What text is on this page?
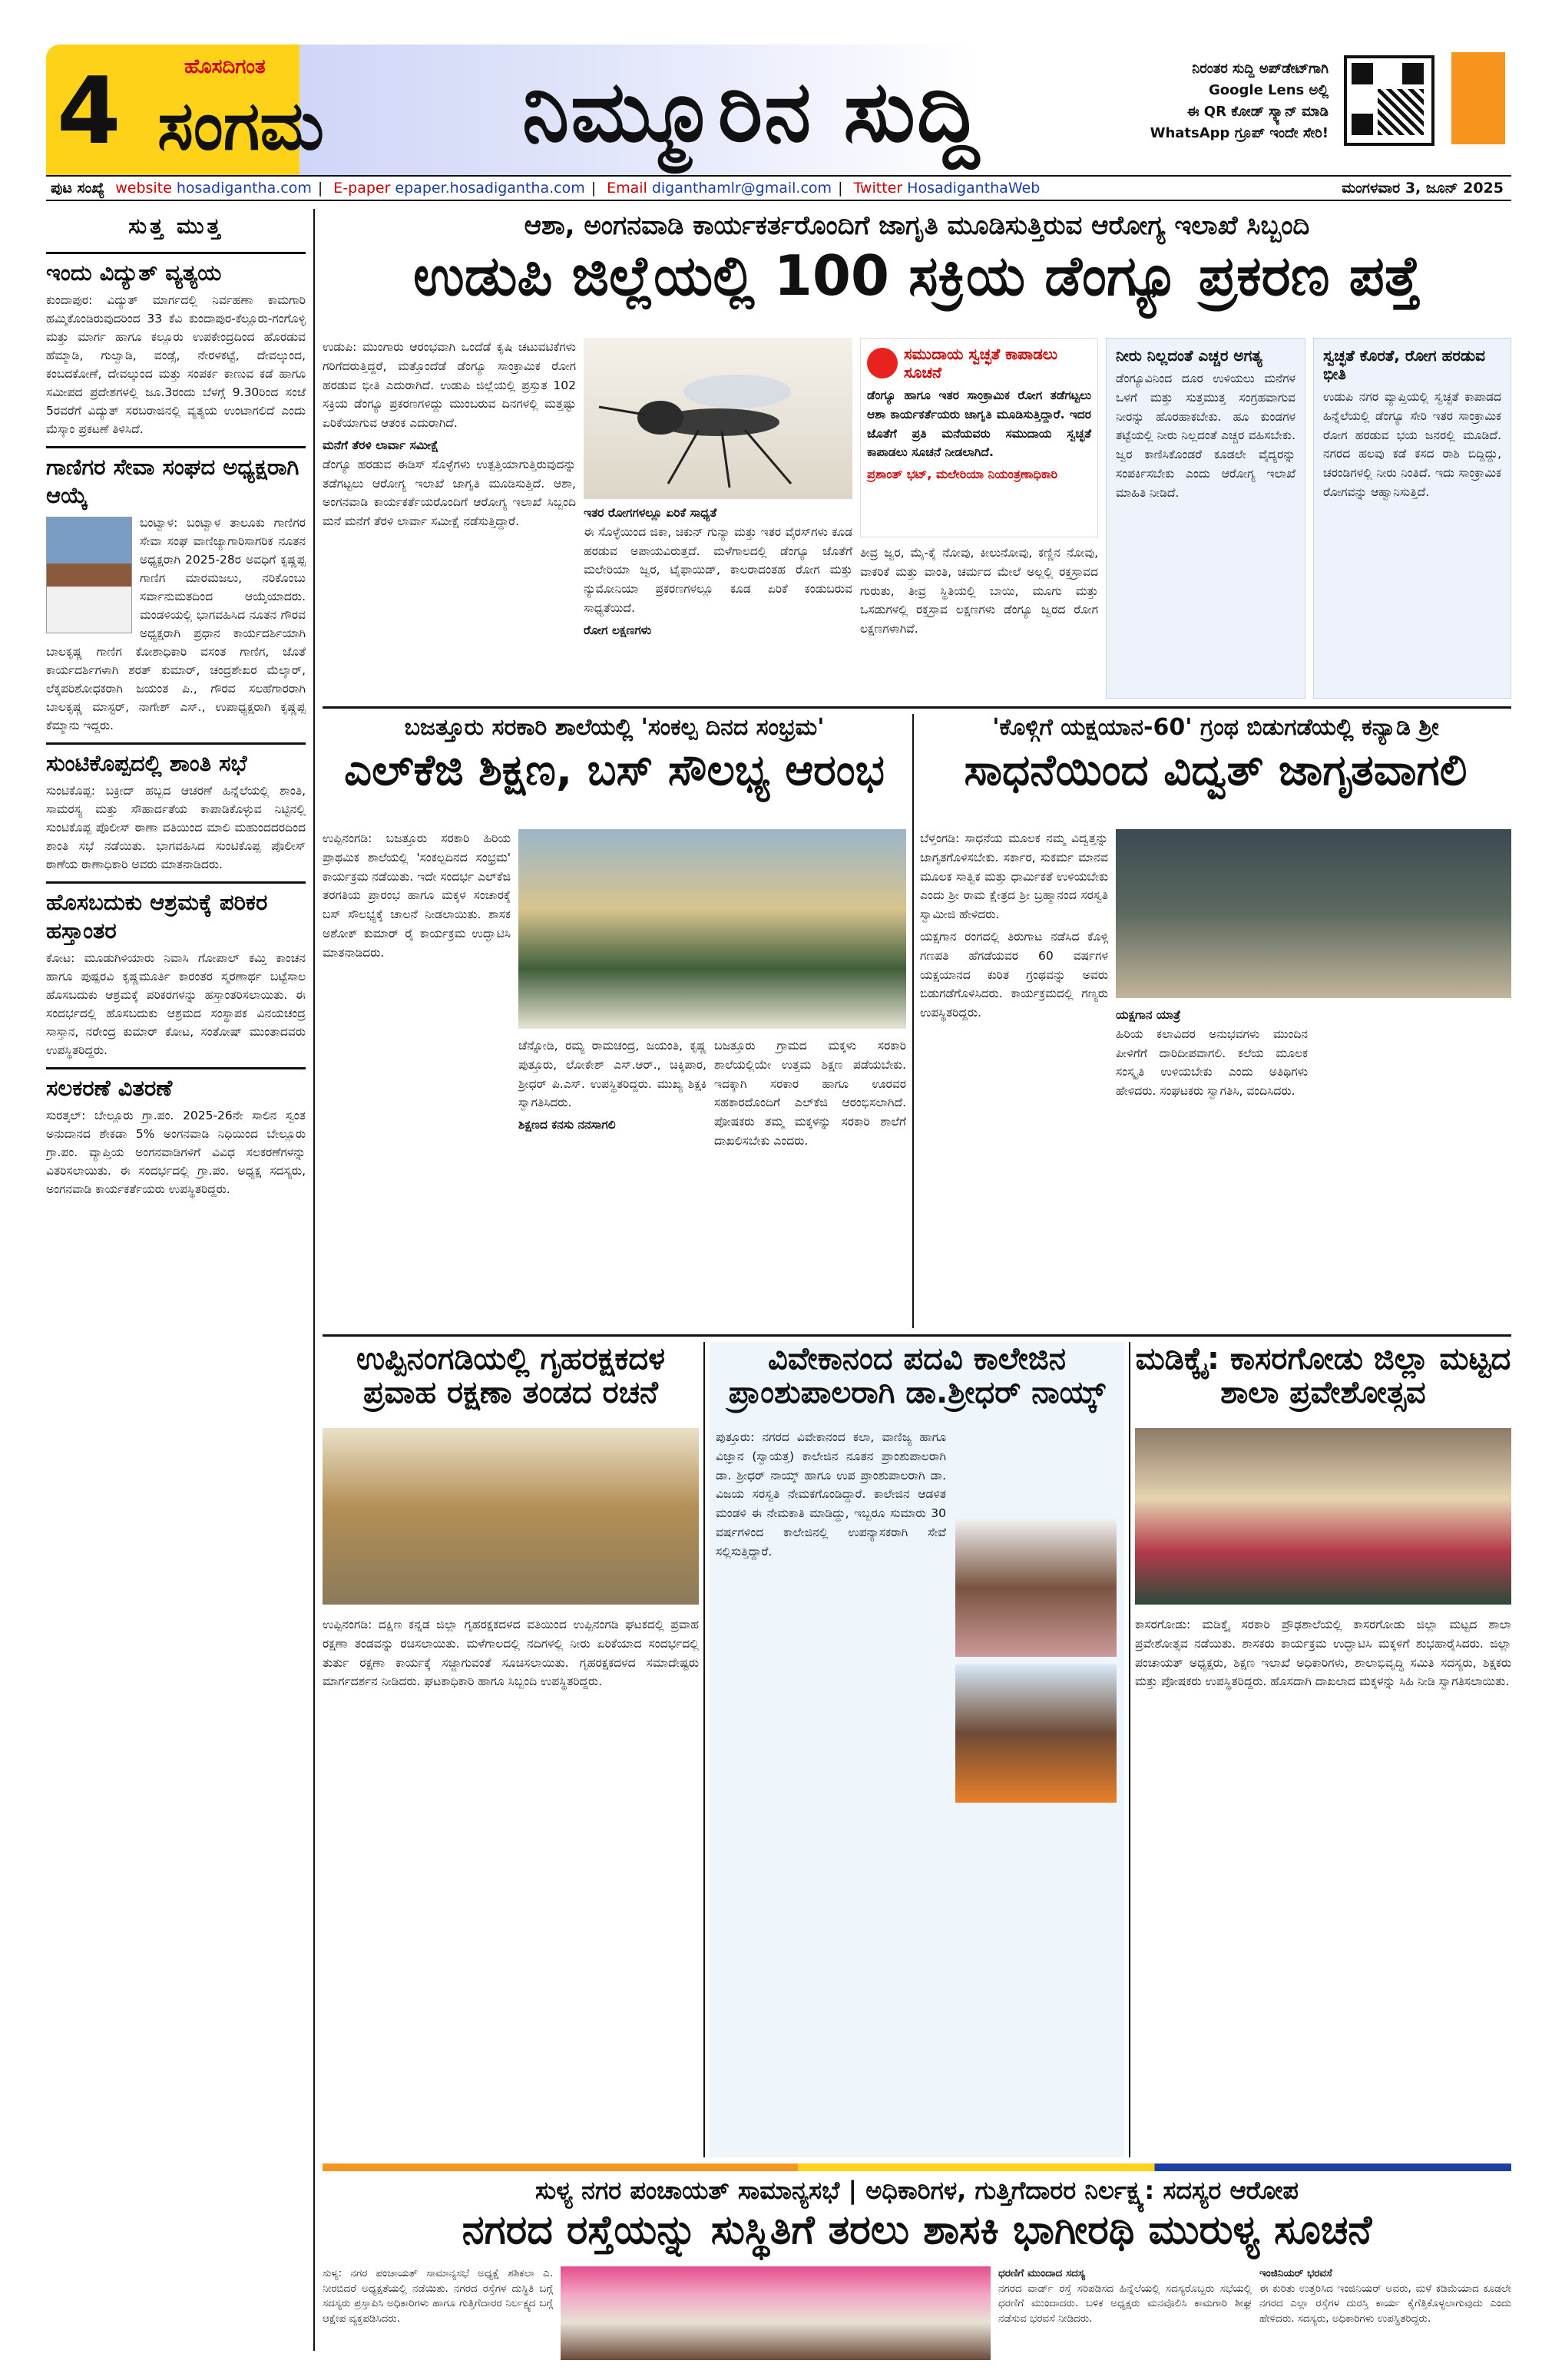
4	ಹೊಸದಿಗಂತ
ಸಂಗಮ ನಿಮ್ಮೂರಿನ ಸುದ್ದಿ	ನಿರಂತರ ಸುದ್ದಿ ಅಪ್‌ಡೇಟ್‌ಗಾಗಿ
Google Lens ಅಲ್ಲಿ
ಈ QR ಕೋಡ್ ಸ್ಕ್ಯಾನ್ ಮಾಡಿ
WhatsApp ಗ್ರೂಪ್ ಇಂದೇ ಸೇರಿ!
ಪುಟ ಸಂಖ್ಯೆ website hosadigantha.com | E-paper epaper.hosadigantha.com | Email diganthamlr@gmail.com | Twitter HosadiganthaWeb	ಮಂಗಳವಾರ 3, ಜೂನ್ 2025
ಸುತ್ತ ಮುತ್ತ
ಇಂದು ವಿದ್ಯುತ್ ವ್ಯತ್ಯಯ
ಕುಂದಾಪುರ: ವಿದ್ಯುತ್ ಮಾರ್ಗದಲ್ಲಿ ನಿರ್ವಹಣಾ ಕಾಮಗಾರಿ ಹಮ್ಮಿಕೊಂಡಿರುವುದರಿಂದ 33 ಕೆವಿ ಕುಂದಾಪುರ-ಕೆಲ್ಲೂರು-ಗಂಗೊಳ್ಳಿ ಮತ್ತು ಮಾರ್ಗ ಹಾಗೂ ಕಲ್ಲೂರು ಉಪಕೇಂದ್ರದಿಂದ ಹೊರಡುವ ಹೆಮ್ಮಾಡಿ, ಗುಲ್ವಾಡಿ, ವಂಡ್ಸೆ, ನೇರಳಕಟ್ಟೆ, ದೇವಲ್ಕುಂದ, ಕಂಬದಕೋಣೆ, ದೇವಲ್ಕುಂದ ಮತ್ತು ಸಂಪರ್ಕ ಕಾಣುವ ಕಡೆ ಹಾಗೂ ಸಮೀಪದ ಪ್ರದೇಶಗಳಲ್ಲಿ ಜೂ.3ರಂದು ಬೆಳಗ್ಗೆ 9.30ರಿಂದ ಸಂಜೆ 5ರವರೆಗೆ ವಿದ್ಯುತ್ ಸರಬರಾಜಿನಲ್ಲಿ ವ್ಯತ್ಯಯ ಉಂಟಾಗಲಿದೆ ಎಂದು ಮೆಸ್ಕಾಂ ಪ್ರಕಟಣೆ ತಿಳಿಸಿದೆ.
ಗಾಣಿಗರ ಸೇವಾ ಸಂಘದ ಅಧ್ಯಕ್ಷರಾಗಿ ಆಯ್ಕೆ
ಬಂಟ್ವಾಳ: ಬಂಟ್ವಾಳ ತಾಲೂಕು ಗಾಣಿಗರ ಸೇವಾ ಸಂಘ ವಾಣಿಜ್ಯಾಗಾರಿಸಾಗರಿಕ ನೂತನ ಅಧ್ಯಕ್ಷರಾಗಿ 2025-28ರ ಅವಧಿಗೆ ಕೃಷ್ಣಪ್ಪ ಗಾಣಿಗ ಮಾರಮಜಲು, ನರಿಕೊಂಬು ಸರ್ವಾನುಮತದಿಂದ ಆಯ್ಕೆಯಾದರು. ಮಂಡಳಿಯಲ್ಲಿ ಭಾಗವಹಿಸಿದ ನೂತನ ಗೌರವ ಅಧ್ಯಕ್ಷರಾಗಿ ಪ್ರಧಾನ ಕಾರ್ಯದರ್ಶಿಯಾಗಿ ಬಾಲಕೃಷ್ಣ ಗಾಣಿಗ ಕೋಶಾಧಿಕಾರಿ ವಸಂತ ಗಾಣಿಗ, ಜೊತೆ ಕಾರ್ಯದರ್ಶಿಗಳಾಗಿ ಶರತ್ ಕುಮಾರ್, ಚಂದ್ರಶೇಖರ ಮೆಲ್ಕಾರ್, ಲೆಕ್ಕಪರಿಶೋಧಕರಾಗಿ ಜಯಂತ ಪಿ., ಗೌರವ ಸಲಹೆಗಾರರಾಗಿ ಬಾಲಕೃಷ್ಣ ಮಾಸ್ಟರ್, ನಾಗೇಶ್ ಎಸ್., ಉಪಾಧ್ಯಕ್ಷರಾಗಿ ಕೃಷ್ಣಪ್ಪ ಕೆಮ್ಮಾನು ಇದ್ದರು.
ಸುಂಟಿಕೊಪ್ಪದಲ್ಲಿ ಶಾಂತಿ ಸಭೆ
ಸುಂಟಿಕೊಪ್ಪ: ಬಕ್ರೀದ್ ಹಬ್ಬದ ಆಚರಣೆ ಹಿನ್ನೆಲೆಯಲ್ಲಿ ಶಾಂತಿ, ಸಾಮರಸ್ಯ ಮತ್ತು ಸೌಹಾರ್ದತೆಯ ಕಾಪಾಡಿಕೊಳ್ಳುವ ನಿಟ್ಟಿನಲ್ಲಿ ಸುಂಟಿಕೊಪ್ಪ ಪೊಲೀಸ್ ಠಾಣಾ ವತಿಯಿಂದ ಮಾಲಿ ಮಹುಂದದರದಿಂದ ಶಾಂತಿ ಸಭೆ ನಡೆಯಿತು. ಭಾಗವಹಿಸಿದ ಸುಂಟಿಕೊಪ್ಪ ಪೊಲೀಸ್ ಠಾಣೆಯ ಠಾಣಾಧಿಕಾರಿ ಅವರು ಮಾತನಾಡಿದರು.
ಹೊಸಬದುಕು ಆಶ್ರಮಕ್ಕೆ ಪರಿಕರ ಹಸ್ತಾಂತರ
ಕೋಟ: ಮೂಡುಗಿಳಿಯಾರು ನಿವಾಸಿ ಗೋಪಾಲ್ ಕಮ್ತಿ ಕಾಂಚನ ಹಾಗೂ ಪುಷ್ಪರವಿ ಕೃಷ್ಣಮೂರ್ತಿ ಕಾರಂತರ ಸ್ಮರಣಾರ್ಥ ಬಟ್ಟೆಸಾಲ ಹೊಸಬದುಕು ಆಶ್ರಮಕ್ಕೆ ಪರಿಕರಗಳನ್ನು ಹಸ್ತಾಂತರಿಸಲಾಯಿತು. ಈ ಸಂದರ್ಭದಲ್ಲಿ ಹೊಸಬದುಕು ಆಶ್ರಮದ ಸಂಸ್ಥಾಪಕ ವಿನಯಚಂದ್ರ ಸಾಸ್ತಾನ, ನರೇಂದ್ರ ಕುಮಾರ್ ಕೋಟ, ಸಂತೋಷ್ ಮುಂತಾದವರು ಉಪಸ್ಥಿತರಿದ್ದರು.
ಸಲಕರಣೆ ವಿತರಣೆ
ಸುರತ್ಕಲ್: ಬೇಲ್ಲೂರು ಗ್ರಾ.ಪಂ. 2025-26ನೇ ಸಾಲಿನ ಸ್ವಂತ ಅನುದಾನದ ಶೇಕಡಾ 5% ಅಂಗನವಾಡಿ ನಿಧಿಯಿಂದ ಬೇಲ್ಲೂರು ಗ್ರಾ.ಪಂ. ವ್ಯಾಪ್ತಿಯ ಅಂಗನವಾಡಿಗಳಿಗೆ ವಿವಿಧ ಸಲಕರಣೆಗಳನ್ನು ವಿತರಿಸಲಾಯಿತು. ಈ ಸಂದರ್ಭದಲ್ಲಿ ಗ್ರಾ.ಪಂ. ಅಧ್ಯಕ್ಷ ಸದಸ್ಯರು, ಅಂಗನವಾಡಿ ಕಾರ್ಯಕರ್ತೆಯರು ಉಪಸ್ಥಿತರಿದ್ದರು.
ಆಶಾ, ಅಂಗನವಾಡಿ ಕಾರ್ಯಕರ್ತರೊಂದಿಗೆ ಜಾಗೃತಿ ಮೂಡಿಸುತ್ತಿರುವ ಆರೋಗ್ಯ ಇಲಾಖೆ ಸಿಬ್ಬಂದಿ
ಉಡುಪಿ ಜಿಲ್ಲೆಯಲ್ಲಿ 100 ಸಕ್ರಿಯ ಡೆಂಗ್ಯೂ ಪ್ರಕರಣ ಪತ್ತೆ
ಉಡುಪಿ: ಮುಂಗಾರು ಆರಂಭವಾಗಿ ಒಂದೆಡೆ ಕೃಷಿ ಚಟುವಟಿಕೆಗಳು ಗರಿಗೆದರುತ್ತಿದ್ದರೆ, ಮತ್ತೊಂದೆಡೆ ಡೆಂಗ್ಯೂ ಸಾಂಕ್ರಾಮಿಕ ರೋಗ ಹರಡುವ ಭೀತಿ ಎದುರಾಗಿದೆ. ಉಡುಪಿ ಜಿಲ್ಲೆಯಲ್ಲಿ ಪ್ರಸ್ತುತ 102 ಸಕ್ರಿಯ ಡೆಂಗ್ಯೂ ಪ್ರಕರಣಗಳಿದ್ದು ಮುಂಬರುವ ದಿನಗಳಲ್ಲಿ ಮತ್ತಷ್ಟು ಏರಿಕೆಯಾಗುವ ಆತಂಕ ಎದುರಾಗಿದೆ.
ಮನೆಗೆ ತೆರಳಿ ಲಾರ್ವಾ ಸಮೀಕ್ಷೆ
ಡೆಂಗ್ಯೂ ಹರಡುವ ಈಡಿಸ್ ಸೊಳ್ಳೆಗಳು ಉತ್ಪತ್ತಿಯಾಗುತ್ತಿರುವುದನ್ನು ತಡೆಗಟ್ಟಲು ಆರೋಗ್ಯ ಇಲಾಖೆ ಜಾಗೃತಿ ಮೂಡಿಸುತ್ತಿದೆ. ಆಶಾ, ಅಂಗನವಾಡಿ ಕಾರ್ಯಕರ್ತೆಯರೊಂದಿಗೆ ಆರೋಗ್ಯ ಇಲಾಖೆ ಸಿಬ್ಬಂದಿ ಮನೆ ಮನೆಗೆ ತೆರಳಿ ಲಾರ್ವಾ ಸಮೀಕ್ಷೆ ನಡೆಸುತ್ತಿದ್ದಾರೆ.
ಇತರ ರೋಗಗಳಲ್ಲೂ ಏರಿಕೆ ಸಾಧ್ಯತೆ
ಈ ಸೊಳ್ಳೆಯಿಂದ ಜಿಕಾ, ಚಿಕುನ್ ಗುನ್ಯಾ ಮತ್ತು ಇತರ ವೈರಸ್‌ಗಳು ಕೂಡ ಹರಡುವ ಅಪಾಯವಿರುತ್ತದೆ. ಮಳೆಗಾಲದಲ್ಲಿ ಡೆಂಗ್ಯೂ ಜೊತೆಗೆ ಮಲೇರಿಯಾ ಜ್ವರ, ಟೈಫಾಯಿಡ್, ಕಾಲರಾದಂತಹ ರೋಗ ಮತ್ತು ನ್ಯುಮೋನಿಯಾ ಪ್ರಕರಣಗಳಲ್ಲೂ ಕೂಡ ಏರಿಕೆ ಕಂಡುಬರುವ ಸಾಧ್ಯತೆಯಿದೆ.
ರೋಗ ಲಕ್ಷಣಗಳು
ಸಮುದಾಯ ಸ್ವಚ್ಛತೆ ಕಾಪಾಡಲು ಸೂಚನೆ
ಡೆಂಗ್ಯೂ ಹಾಗೂ ಇತರ ಸಾಂಕ್ರಾಮಿಕ ರೋಗ ತಡೆಗಟ್ಟಲು ಆಶಾ ಕಾರ್ಯಕರ್ತೆಯರು ಜಾಗೃತಿ ಮೂಡಿಸುತ್ತಿದ್ದಾರೆ. ಇದರ ಜೊತೆಗೆ ಪ್ರತಿ ಮನೆಯವರು ಸಮುದಾಯ ಸ್ವಚ್ಛತೆ ಕಾಪಾಡಲು ಸೂಚನೆ ನೀಡಲಾಗಿದೆ.
ಪ್ರಶಾಂತ್ ಭಟ್, ಮಲೇರಿಯಾ ನಿಯಂತ್ರಣಾಧಿಕಾರಿ
ತೀವ್ರ ಜ್ವರ, ಮೈ-ಕೈ ನೋವು, ಕೀಲುನೋವು, ಕಣ್ಣಿನ ನೋವು, ವಾಕರಿಕೆ ಮತ್ತು ವಾಂತಿ, ಚರ್ಮದ ಮೇಲೆ ಅಲ್ಲಲ್ಲಿ ರಕ್ತಸ್ರಾವದ ಗುರುತು, ತೀವ್ರ ಸ್ಥಿತಿಯಲ್ಲಿ ಬಾಯಿ, ಮೂಗು ಮತ್ತು ಒಸಡುಗಳಲ್ಲಿ ರಕ್ತಸ್ರಾವ ಲಕ್ಷಣಗಳು ಡೆಂಗ್ಯೂ ಜ್ವರದ ರೋಗ ಲಕ್ಷಣಗಳಾಗಿವೆ.
ನೀರು ನಿಲ್ಲದಂತೆ ಎಚ್ಚರ ಅಗತ್ಯ
ಡೆಂಗ್ಯೂವಿನಿಂದ ದೂರ ಉಳಿಯಲು ಮನೆಗಳ ಒಳಗೆ ಮತ್ತು ಸುತ್ತಮುತ್ತ ಸಂಗ್ರಹವಾಗುವ ನೀರನ್ನು ಹೊರಹಾಕಬೇಕು. ಹೂ ಕುಂಡಗಳ ತಟ್ಟೆಯಲ್ಲಿ ನೀರು ನಿಲ್ಲದಂತೆ ಎಚ್ಚರ ವಹಿಸಬೇಕು. ಜ್ವರ ಕಾಣಿಸಿಕೊಂಡರೆ ಕೂಡಲೇ ವೈದ್ಯರನ್ನು ಸಂಪರ್ಕಿಸಬೇಕು ಎಂದು ಆರೋಗ್ಯ ಇಲಾಖೆ ಮಾಹಿತಿ ನೀಡಿದೆ.
ಸ್ವಚ್ಛತೆ ಕೊರತೆ, ರೋಗ ಹರಡುವ ಭೀತಿ
ಉಡುಪಿ ನಗರ ವ್ಯಾಪ್ತಿಯಲ್ಲಿ ಸ್ವಚ್ಛತೆ ಕಾಪಾಡದ ಹಿನ್ನೆಲೆಯಲ್ಲಿ ಡೆಂಗ್ಯೂ ಸೇರಿ ಇತರ ಸಾಂಕ್ರಾಮಿಕ ರೋಗ ಹರಡುವ ಭಯ ಜನರಲ್ಲಿ ಮೂಡಿದೆ. ನಗರದ ಹಲವು ಕಡೆ ಕಸದ ರಾಶಿ ಬಿದ್ದಿದ್ದು, ಚರಂಡಿಗಳಲ್ಲಿ ನೀರು ನಿಂತಿದೆ. ಇದು ಸಾಂಕ್ರಾಮಿಕ ರೋಗವನ್ನು ಆಹ್ವಾನಿಸುತ್ತಿದೆ.
ಬಜತ್ತೂರು ಸರಕಾರಿ ಶಾಲೆಯಲ್ಲಿ 'ಸಂಕಲ್ಪ ದಿನದ ಸಂಭ್ರಮ'
ಎಲ್‌ಕೆಜಿ ಶಿಕ್ಷಣ, ಬಸ್ ಸೌಲಭ್ಯ ಆರಂಭ
ಉಪ್ಪಿನಂಗಡಿ: ಬಜತ್ತೂರು ಸರಕಾರಿ ಹಿರಿಯ ಪ್ರಾಥಮಿಕ ಶಾಲೆಯಲ್ಲಿ 'ಸಂಕಲ್ಪದಿನದ ಸಂಭ್ರಮ' ಕಾರ್ಯಕ್ರಮ ನಡೆಯಿತು. ಇದೇ ಸಂದರ್ಭ ಎಲ್‌ಕೆಜಿ ತರಗತಿಯ ಪ್ರಾರಂಭ ಹಾಗೂ ಮಕ್ಕಳ ಸಂಚಾರಕ್ಕೆ ಬಸ್ ಸೌಲಭ್ಯಕ್ಕೆ ಚಾಲನೆ ನೀಡಲಾಯಿತು. ಶಾಸಕ ಅಶೋಕ್ ಕುಮಾರ್ ರೈ ಕಾರ್ಯಕ್ರಮ ಉದ್ಘಾಟಿಸಿ ಮಾತನಾಡಿದರು.
ಚೆನ್ನೋಡಿ, ರಮ್ಯ ರಾಮಚಂದ್ರ, ಜಯಂತಿ, ಕೃಷ್ಣ ಪುತ್ತೂರು, ಲೋಕೇಶ್ ಎಸ್.ಆರ್., ಚಿಕ್ಕಿಪಾರ, ಶ್ರೀಧರ್ ಪಿ.ಎಸ್. ಉಪಸ್ಥಿತರಿದ್ದರು. ಮುಖ್ಯ ಶಿಕ್ಷಕಿ ಸ್ವಾಗತಿಸಿದರು.
ಶಿಕ್ಷಣದ ಕನಸು ನನಸಾಗಲಿ
ಬಜತ್ತೂರು ಗ್ರಾಮದ ಮಕ್ಕಳು ಸರಕಾರಿ ಶಾಲೆಯಲ್ಲಿಯೇ ಉತ್ತಮ ಶಿಕ್ಷಣ ಪಡೆಯಬೇಕು. ಇದಕ್ಕಾಗಿ ಸರಕಾರ ಹಾಗೂ ಊರವರ ಸಹಕಾರದೊಂದಿಗೆ ಎಲ್‌ಕೆಜಿ ಆರಂಭಿಸಲಾಗಿದೆ. ಪೋಷಕರು ತಮ್ಮ ಮಕ್ಕಳನ್ನು ಸರಕಾರಿ ಶಾಲೆಗೆ ದಾಖಲಿಸಬೇಕು ಎಂದರು.
'ಕೊಳ್ಗಿಗೆ ಯಕ್ಷಯಾನ-60' ಗ್ರಂಥ ಬಿಡುಗಡೆಯಲ್ಲಿ ಕನ್ಯಾಡಿ ಶ್ರೀ
ಸಾಧನೆಯಿಂದ ವಿದ್ವತ್ ಜಾಗೃತವಾಗಲಿ
ಬೆಳ್ತಂಗಡಿ: ಸಾಧನೆಯ ಮೂಲಕ ನಮ್ಮ ವಿದ್ವತ್ತನ್ನು ಜಾಗೃತಗೊಳಿಸಬೇಕು. ಸರ್ಕಾರ, ಸುಕರ್ಮ ಮಾನವ ಮೂಲಕ ಸಾತ್ವಿಕ ಮತ್ತು ಧಾರ್ಮಿಕತೆ ಉಳಿಯಬೇಕು ಎಂದು ಶ್ರೀ ರಾಮ ಕ್ಷೇತ್ರದ ಶ್ರೀ ಬ್ರಹ್ಮಾನಂದ ಸರಸ್ವತಿ ಸ್ವಾಮೀಜಿ ಹೇಳಿದರು.
ಯಕ್ಷಗಾನ ರಂಗದಲ್ಲಿ ತಿರುಗಾಟ ನಡೆಸಿದ ಕೊಳ್ಗಿ ಗಣಪತಿ ಹೆಗಡೆಯವರ 60 ವರ್ಷಗಳ ಯಕ್ಷಯಾನದ ಕುರಿತ ಗ್ರಂಥವನ್ನು ಅವರು ಬಿಡುಗಡೆಗೊಳಿಸಿದರು. ಕಾರ್ಯಕ್ರಮದಲ್ಲಿ ಗಣ್ಯರು ಉಪಸ್ಥಿತರಿದ್ದರು.	ಯಕ್ಷಗಾನ ಯಾತ್ರೆ
ಹಿರಿಯ ಕಲಾವಿದರ ಅನುಭವಗಳು ಮುಂದಿನ ಪೀಳಿಗೆಗೆ ದಾರಿದೀಪವಾಗಲಿ. ಕಲೆಯ ಮೂಲಕ ಸಂಸ್ಕೃತಿ ಉಳಿಯಬೇಕು ಎಂದು ಅತಿಥಿಗಳು ಹೇಳಿದರು. ಸಂಘಟಕರು ಸ್ವಾಗತಿಸಿ, ವಂದಿಸಿದರು.
ಉಪ್ಪಿನಂಗಡಿಯಲ್ಲಿ ಗೃಹರಕ್ಷಕದಳ ಪ್ರವಾಹ ರಕ್ಷಣಾ ತಂಡದ ರಚನೆ
ಉಪ್ಪಿನಂಗಡಿ: ದಕ್ಷಿಣ ಕನ್ನಡ ಜಿಲ್ಲಾ ಗೃಹರಕ್ಷಕದಳದ ವತಿಯಿಂದ ಉಪ್ಪಿನಂಗಡಿ ಘಟಕದಲ್ಲಿ ಪ್ರವಾಹ ರಕ್ಷಣಾ ತಂಡವನ್ನು ರಚಿಸಲಾಯಿತು. ಮಳೆಗಾಲದಲ್ಲಿ ನದಿಗಳಲ್ಲಿ ನೀರು ಏರಿಕೆಯಾದ ಸಂದರ್ಭದಲ್ಲಿ ತುರ್ತು ರಕ್ಷಣಾ ಕಾರ್ಯಕ್ಕೆ ಸಜ್ಜಾಗುವಂತೆ ಸೂಚಿಸಲಾಯಿತು. ಗೃಹರಕ್ಷಕದಳದ ಸಮಾದೇಷ್ಟರು ಮಾರ್ಗದರ್ಶನ ನೀಡಿದರು. ಘಟಕಾಧಿಕಾರಿ ಹಾಗೂ ಸಿಬ್ಬಂದಿ ಉಪಸ್ಥಿತರಿದ್ದರು.
ವಿವೇಕಾನಂದ ಪದವಿ ಕಾಲೇಜಿನ ಪ್ರಾಂಶುಪಾಲರಾಗಿ ಡಾ.ಶ್ರೀಧರ್ ನಾಯ್ಕ್
ಪುತ್ತೂರು: ನಗರದ ವಿವೇಕಾನಂದ ಕಲಾ, ವಾಣಿಜ್ಯ ಹಾಗೂ ವಿಜ್ಞಾನ (ಸ್ವಾಯತ್ತ) ಕಾಲೇಜಿನ ನೂತನ ಪ್ರಾಂಶುಪಾಲರಾಗಿ ಡಾ. ಶ್ರೀಧರ್ ನಾಯ್ಕ್ ಹಾಗೂ ಉಪ ಪ್ರಾಂಶುಪಾಲರಾಗಿ ಡಾ. ವಿಜಯ ಸರಸ್ವತಿ ನೇಮಕಗೊಂಡಿದ್ದಾರೆ. ಕಾಲೇಜಿನ ಆಡಳಿತ ಮಂಡಳಿ ಈ ನೇಮಕಾತಿ ಮಾಡಿದ್ದು, ಇಬ್ಬರೂ ಸುಮಾರು 30 ವರ್ಷಗಳಿಂದ ಕಾಲೇಜಿನಲ್ಲಿ ಉಪನ್ಯಾಸಕರಾಗಿ ಸೇವೆ ಸಲ್ಲಿಸುತ್ತಿದ್ದಾರೆ.
ಮಡಿಕ್ಕೈ: ಕಾಸರಗೋಡು ಜಿಲ್ಲಾ ಮಟ್ಟದ ಶಾಲಾ ಪ್ರವೇಶೋತ್ಸವ
ಕಾಸರಗೋಡು: ಮಡಿಕ್ಕೈ ಸರಕಾರಿ ಪ್ರೌಢಶಾಲೆಯಲ್ಲಿ ಕಾಸರಗೋಡು ಜಿಲ್ಲಾ ಮಟ್ಟದ ಶಾಲಾ ಪ್ರವೇಶೋತ್ಸವ ನಡೆಯಿತು. ಶಾಸಕರು ಕಾರ್ಯಕ್ರಮ ಉದ್ಘಾಟಿಸಿ ಮಕ್ಕಳಿಗೆ ಶುಭಹಾರೈಸಿದರು. ಜಿಲ್ಲಾ ಪಂಚಾಯತ್ ಅಧ್ಯಕ್ಷರು, ಶಿಕ್ಷಣ ಇಲಾಖೆ ಅಧಿಕಾರಿಗಳು, ಶಾಲಾಭಿವೃದ್ಧಿ ಸಮಿತಿ ಸದಸ್ಯರು, ಶಿಕ್ಷಕರು ಮತ್ತು ಪೋಷಕರು ಉಪಸ್ಥಿತರಿದ್ದರು. ಹೊಸದಾಗಿ ದಾಖಲಾದ ಮಕ್ಕಳನ್ನು ಸಿಹಿ ನೀಡಿ ಸ್ವಾಗತಿಸಲಾಯಿತು.
ಸುಳ್ಯ ನಗರ ಪಂಚಾಯತ್ ಸಾಮಾನ್ಯಸಭೆ | ಅಧಿಕಾರಿಗಳ, ಗುತ್ತಿಗೆದಾರರ ನಿರ್ಲಕ್ಷ್ಯ: ಸದಸ್ಯರ ಆರೋಪ
ನಗರದ ರಸ್ತೆಯನ್ನು ಸುಸ್ಥಿತಿಗೆ ತರಲು ಶಾಸಕಿ ಭಾಗೀರಥಿ ಮುರುಳ್ಯ ಸೂಚನೆ
ಸುಳ್ಯ: ನಗರ ಪಂಚಾಯತ್ ಸಾಮಾನ್ಯಸಭೆ ಅಧ್ಯಕ್ಷೆ ಶಶಿಕಲಾ ಎ. ನೀರಬಿದರೆ ಅಧ್ಯಕ್ಷತೆಯಲ್ಲಿ ನಡೆಯಿತು. ನಗರದ ರಸ್ತೆಗಳ ದುಸ್ಥಿತಿ ಬಗ್ಗೆ ಸದಸ್ಯರು ಪ್ರಸ್ತಾಪಿಸಿ ಅಧಿಕಾರಿಗಳು ಹಾಗೂ ಗುತ್ತಿಗೆದಾರರ ನಿರ್ಲಕ್ಷ್ಯದ ಬಗ್ಗೆ ಆಕ್ಷೇಪ ವ್ಯಕ್ತಪಡಿಸಿದರು.
ಧರಣಿಗೆ ಮುಂದಾದ ಸದಸ್ಯ
ನಗರದ ವಾರ್ಡ್ ರಸ್ತೆ ಸರಿಪಡಿಸದ ಹಿನ್ನೆಲೆಯಲ್ಲಿ ಸದಸ್ಯರೊಬ್ಬರು ಸಭೆಯಲ್ಲಿ ಧರಣಿಗೆ ಮುಂದಾದರು. ಬಳಿಕ ಅಧ್ಯಕ್ಷರು ಮನವೊಲಿಸಿ ಕಾಮಗಾರಿ ಶೀಘ್ರ ನಡೆಸುವ ಭರವಸೆ ನೀಡಿದರು.
ಇಂಜಿನಿಯರ್ ಭರವಸೆ
ಈ ಕುರಿತು ಉತ್ತರಿಸಿದ ಇಂಜಿನಿಯರ್ ಅವರು, ಮಳೆ ಕಡಿಮೆಯಾದ ಕೂಡಲೇ ನಗರದ ಎಲ್ಲಾ ರಸ್ತೆಗಳ ದುರಸ್ತಿ ಕಾರ್ಯ ಕೈಗೆತ್ತಿಕೊಳ್ಳಲಾಗುವುದು ಎಂದು ಹೇಳಿದರು. ಸದಸ್ಯರು, ಅಧಿಕಾರಿಗಳು ಉಪಸ್ಥಿತರಿದ್ದರು.
